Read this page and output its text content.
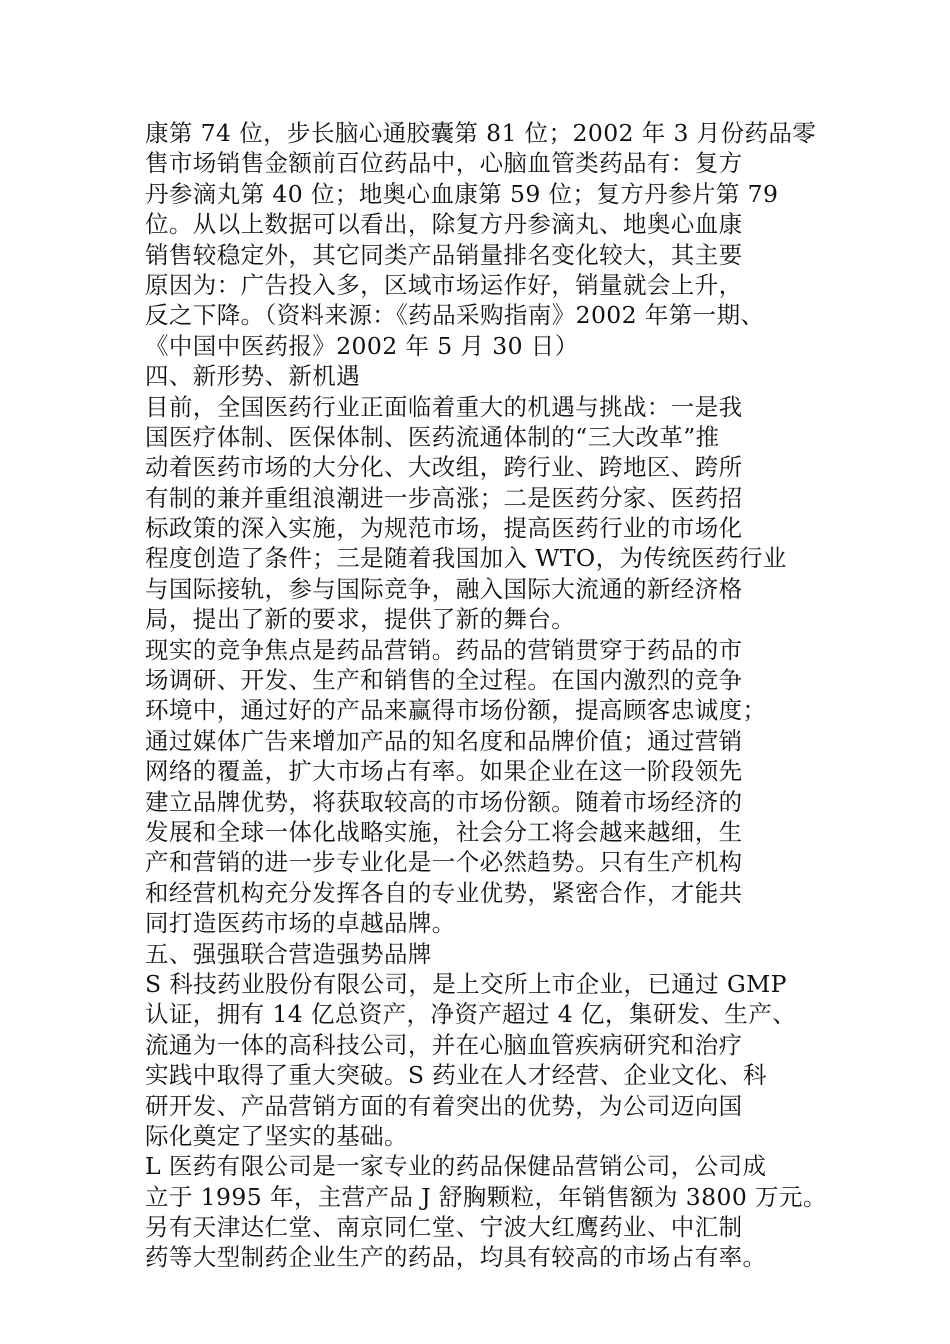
康第 74 位，步长脑心通胶囊第 81 位；2002 年 3 月份药品零
售市场销售金额前百位药品中，心脑血管类药品有：复方
丹参滴丸第 40 位；地奥心血康第 59 位；复方丹参片第 79
位。从以上数据可以看出，除复方丹参滴丸、地奥心血康
销售较稳定外，其它同类产品销量排名变化较大，其主要
原因为：广告投入多，区域市场运作好，销量就会上升，
反之下降。（资料来源：《药品采购指南》2002 年第一期、
《中国中医药报》2002 年 5 月 30 日）
四、新形势、新机遇
目前，全国医药行业正面临着重大的机遇与挑战：一是我
国医疗体制、医保体制、医药流通体制的“三大改革”推
动着医药市场的大分化、大改组，跨行业、跨地区、跨所
有制的兼并重组浪潮进一步高涨；二是医药分家、医药招
标政策的深入实施，为规范市场，提高医药行业的市场化
程度创造了条件；三是随着我国加入 WTO，为传统医药行业
与国际接轨，参与国际竞争，融入国际大流通的新经济格
局，提出了新的要求，提供了新的舞台。
现实的竞争焦点是药品营销。药品的营销贯穿于药品的市
场调研、开发、生产和销售的全过程。在国内激烈的竞争
环境中，通过好的产品来赢得市场份额，提高顾客忠诚度；
通过媒体广告来增加产品的知名度和品牌价值；通过营销
网络的覆盖，扩大市场占有率。如果企业在这一阶段领先
建立品牌优势，将获取较高的市场份额。随着市场经济的
发展和全球一体化战略实施，社会分工将会越来越细，生
产和营销的进一步专业化是一个必然趋势。只有生产机构
和经营机构充分发挥各自的专业优势，紧密合作，才能共
同打造医药市场的卓越品牌。
五、强强联合营造强势品牌
S 科技药业股份有限公司，是上交所上市企业，已通过 GMP
认证，拥有 14 亿总资产，净资产超过 4 亿，集研发、生产、
流通为一体的高科技公司，并在心脑血管疾病研究和治疗
实践中取得了重大突破。S 药业在人才经营、企业文化、科
研开发、产品营销方面的有着突出的优势，为公司迈向国
际化奠定了坚实的基础。
L 医药有限公司是一家专业的药品保健品营销公司，公司成
立于 1995 年，主营产品 J 舒胸颗粒，年销售额为 3800 万元。
另有天津达仁堂、南京同仁堂、宁波大红鹰药业、中汇制
药等大型制药企业生产的药品，均具有较高的市场占有率。
